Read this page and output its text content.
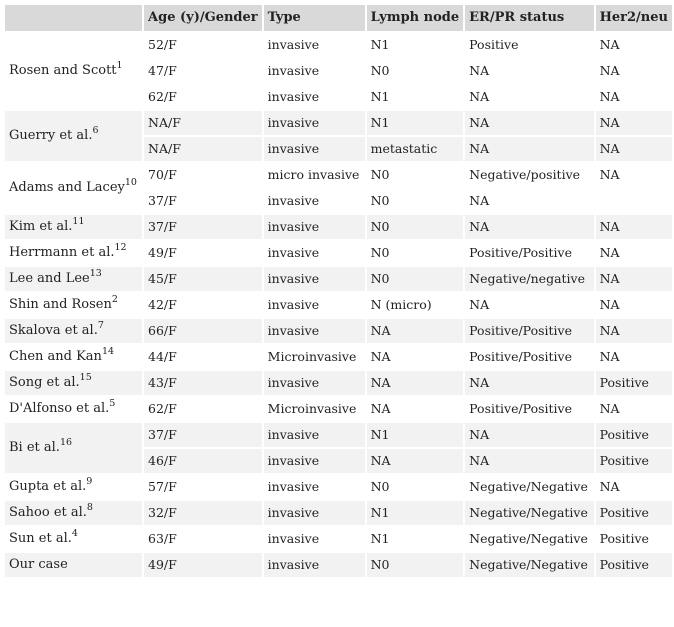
	Age (y)/Gender	Type	Lymph node	ER/PR status	Her2/neu
Rosen and Scott$^1$	52/F	invasive	N1	Positive	NA
	47/F	invasive	N0	NA	NA
	62/F	invasive	N1	NA	NA
Guerry et al.$^6$	NA/F	invasive	N1	NA	NA
	NA/F	invasive	metastatic	NA	NA
Adams and Lacey$^{10}$	70/F	micro invasive	N0	Negative/positive	NA
	37/F	invasive	N0	NA	
Kim et al.$^{11}$	37/F	invasive	N0	NA	NA
Herrmann et al.$^{12}$	49/F	invasive	N0	Positive/Positive	NA
Lee and Lee$^{13}$	45/F	invasive	N0	Negative/negative	NA
Shin and Rosen$^2$	42/F	invasive	N (micro)	NA	NA
Skalova et al.$^7$	66/F	invasive	NA	Positive/Positive	NA
Chen and Kan$^{14}$	44/F	Microinvasive	NA	Positive/Positive	NA
Song et al.$^{15}$	43/F	invasive	NA	NA	Positive
D'Alfonso et al.$^5$	62/F	Microinvasive	NA	Positive/Positive	NA
Bi et al.$^{16}$	37/F	invasive	N1	NA	Positive
	46/F	invasive	NA	NA	Positive
Gupta et al.$^9$	57/F	invasive	N0	Negative/Negative	NA
Sahoo et al.$^8$	32/F	invasive	N1	Negative/Negative	Positive
Sun et al.$^4$	63/F	invasive	N1	Negative/Negative	Positive
Our case	49/F	invasive	N0	Negative/Negative	Positive
